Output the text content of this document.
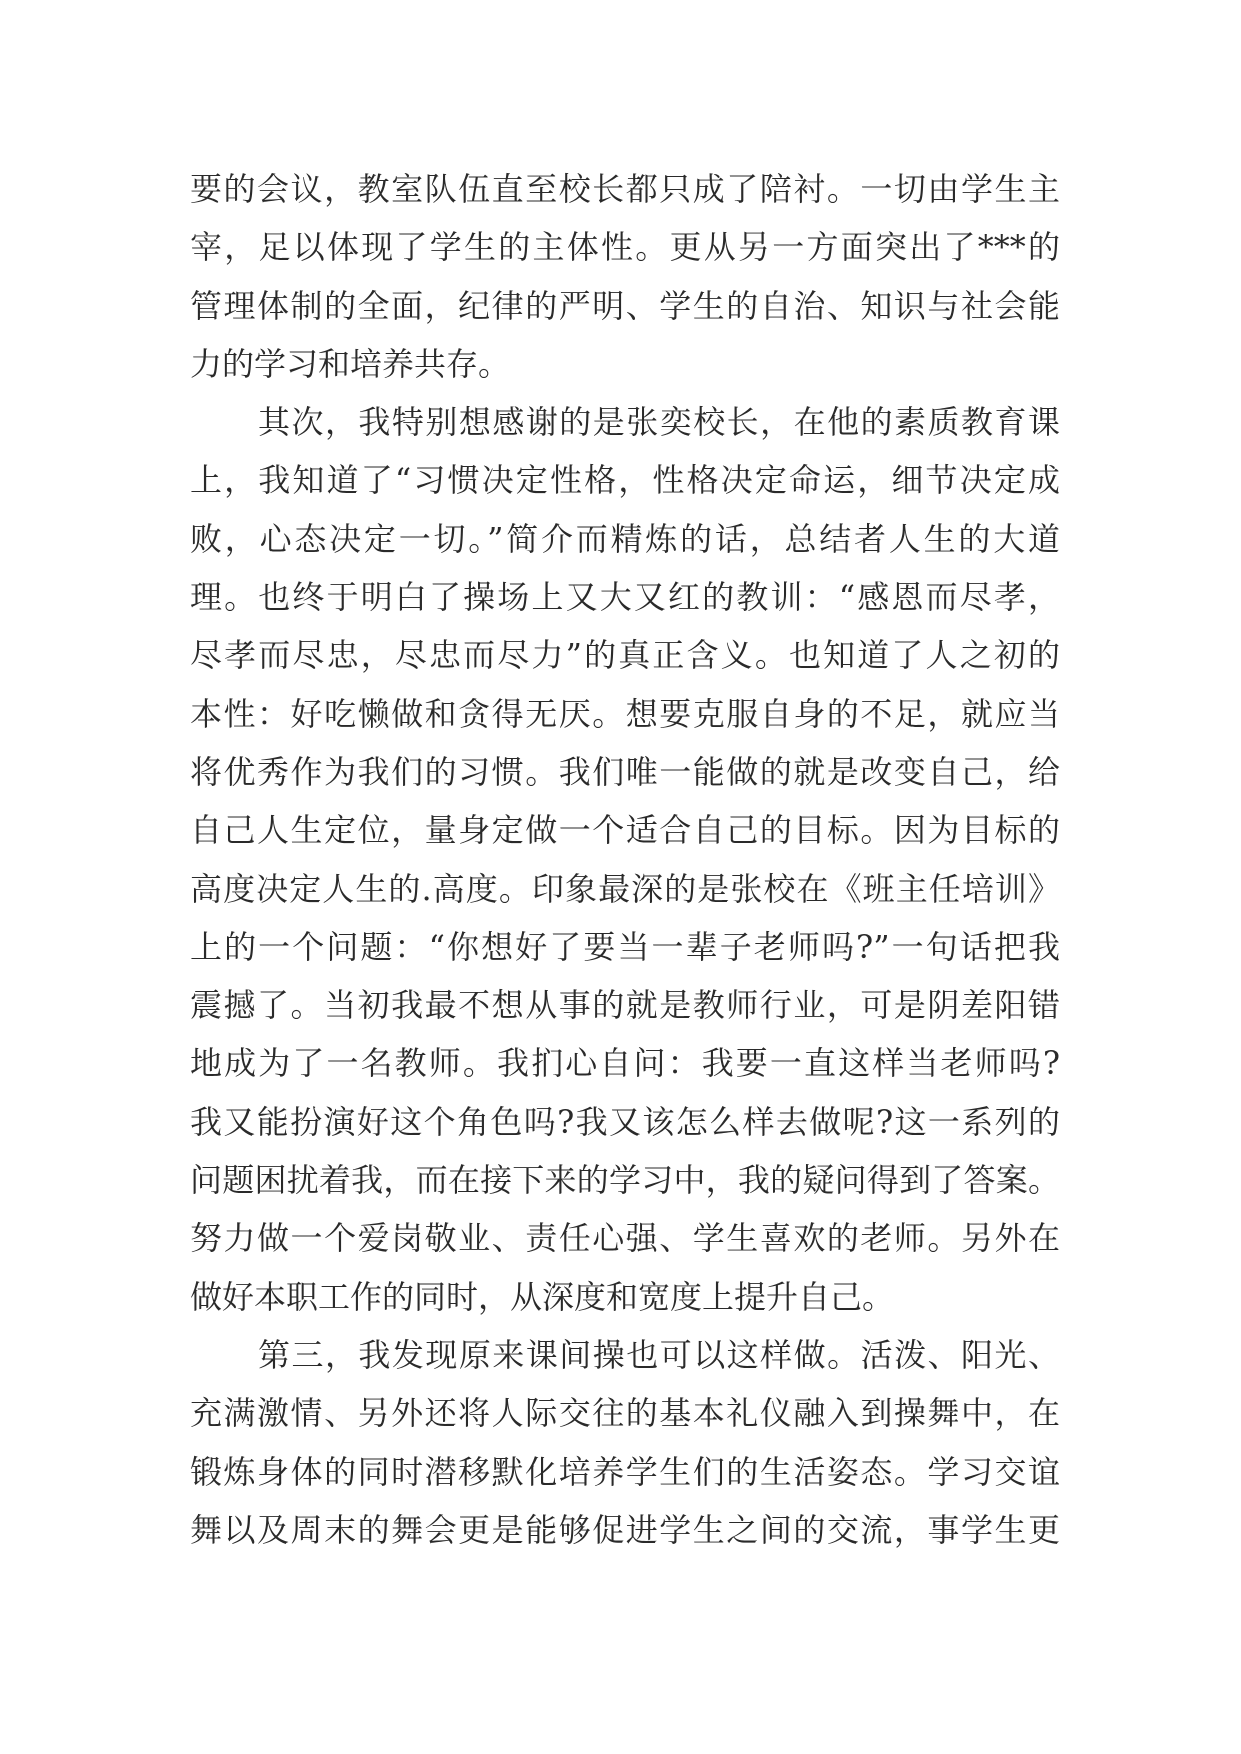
要的会议，教室队伍直至校长都只成了陪衬。一切由学生主
宰，足以体现了学生的主体性。更从另一方面突出了***的
管理体制的全面，纪律的严明、学生的自治、知识与社会能
力的学习和培养共存。
其次，我特别想感谢的是张奕校长，在他的素质教育课
上，我知道了“习惯决定性格，性格决定命运，细节决定成
败，心态决定一切。”简介而精炼的话，总结者人生的大道
理。也终于明白了操场上又大又红的教训：“感恩而尽孝，
尽孝而尽忠，尽忠而尽力”的真正含义。也知道了人之初的
本性：好吃懒做和贪得无厌。想要克服自身的不足，就应当
将优秀作为我们的习惯。我们唯一能做的就是改变自己，给
自己人生定位，量身定做一个适合自己的目标。因为目标的
高度决定人生的.高度。印象最深的是张校在《班主任培训》
上的一个问题：“你想好了要当一辈子老师吗?”一句话把我
震撼了。当初我最不想从事的就是教师行业，可是阴差阳错
地成为了一名教师。我扪心自问：我要一直这样当老师吗?
我又能扮演好这个角色吗?我又该怎么样去做呢?这一系列的
问题困扰着我，而在接下来的学习中，我的疑问得到了答案。
努力做一个爱岗敬业、责任心强、学生喜欢的老师。另外在
做好本职工作的同时，从深度和宽度上提升自己。
第三，我发现原来课间操也可以这样做。活泼、阳光、
充满激情、另外还将人际交往的基本礼仪融入到操舞中，在
锻炼身体的同时潜移默化培养学生们的生活姿态。学习交谊
舞以及周末的舞会更是能够促进学生之间的交流，事学生更
